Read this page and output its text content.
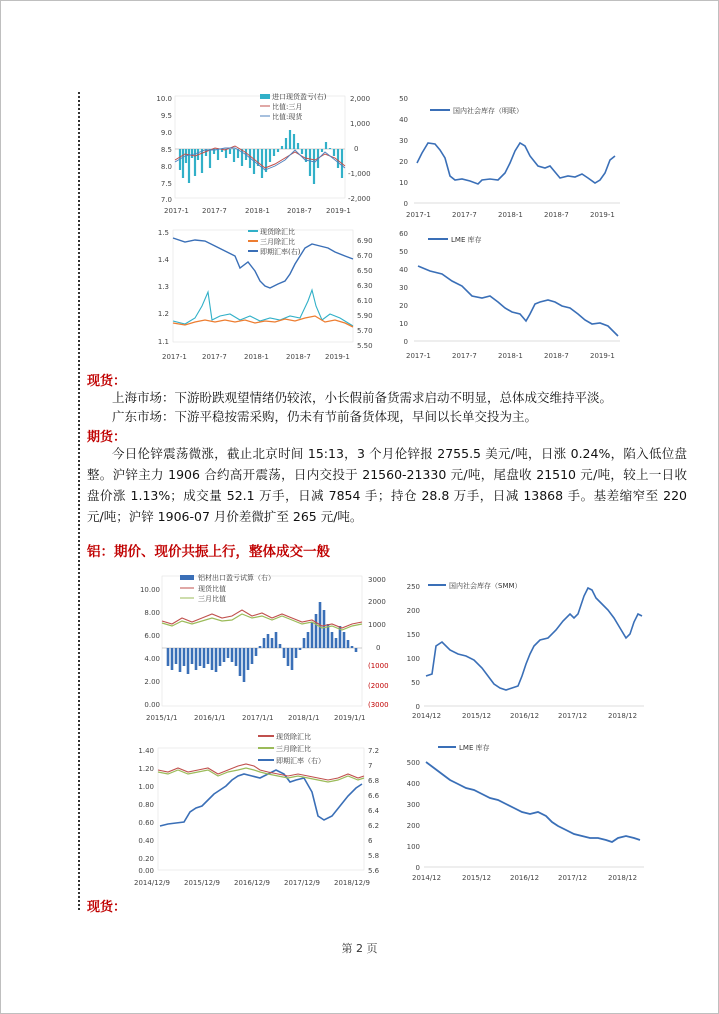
10.0
9.5
9.0
8.5
8.0
7.5
7.0
2,000
1,000
0
-1,000
-2,000
进口现货盈亏(右)
比值:三月
比值:现货
2017-1 2017-7	2018-1 2018-7 2019-1
50
40
30
20
10
0
国内社会库存（明联）
2017-1	2017-7	2018-1	2018-7	2019-1
1.5
1.4
1.3
1.2
1.1
6.90
6.70
6.50
6.30
6.10
5.90
5.70
5.50
现货除汇比
三月除汇比
即期汇率(右)
2017-1 2017-7 2018-1 2018-7 2019-1
60
50
40
30
20
10
0
LME 库存
2017-1	2017-7	2018-1	2018-7	2019-1
现货：
上海市场：下游盼跌观望情绪仍较浓，小长假前备货需求启动不明显，总体成交维持平淡。
广东市场：下游平稳按需采购，仍未有节前备货体现，早间以长单交投为主。
期货：
今日伦锌震荡微涨，截止北京时间 15:13，3 个月伦锌报 2755.5 美元/吨，日涨 0.24%，陷入低位盘整。沪锌主力 1906 合约高开震荡，日内交投于 21560-21330 元/吨，尾盘收 21510 元/吨，较上一日收盘价涨 1.13%；成交量 52.1 万手，日减 7854 手；持仓 28.8 万手，日减 13868 手。基差缩窄至 220 元/吨；沪锌 1906-07 月价差微扩至 265 元/吨。
铝：期价、现价共振上行，整体成交一般
10.00
8.00
6.00
4.00
2.00
0.00
3000
2000
1000
0
(1000
(2000
(3000
铝材出口盈亏试算（右）
现货比值
三月比值
2015/1/1 2016/1/1 2017/1/1 2018/1/1 2019/1/1
250
200
150
100
50
0
国内社会库存（SMM）
2014/12	2015/12	2016/12	2017/12	2018/12
1.40
1.20
1.00
0.80
0.60
0.40
0.20
0.00
7.2
7
6.8
6.6
6.4
6.2
6
5.8
5.6
现货除汇比
三月除汇比
即期汇率（右）
2014/12/9 2015/12/9 2016/12/9 2017/12/9 2018/12/9
500
400
300
200
100
0
LME 库存
2014/12	2015/12	2016/12	2017/12	2018/12
现货：
第 2 页
